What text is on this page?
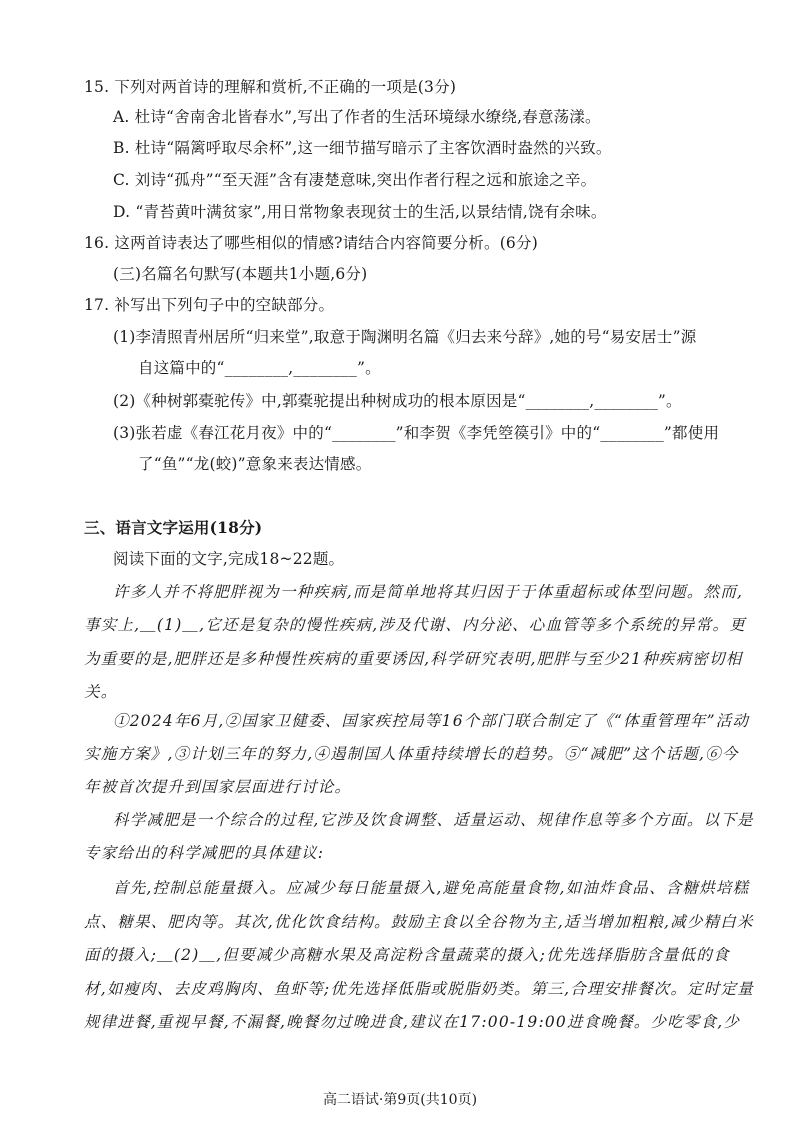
15. 下列对两首诗的理解和赏析,不正确的一项是(3分)
A. 杜诗“舍南舍北皆春水”,写出了作者的生活环境绿水缭绕,春意荡漾。
B. 杜诗“隔篱呼取尽余杯”,这一细节描写暗示了主客饮酒时盎然的兴致。
C. 刘诗“孤舟”“至天涯”含有凄楚意味,突出作者行程之远和旅途之辛。
D. “青苔黄叶满贫家”,用日常物象表现贫士的生活,以景结情,饶有余味。
16. 这两首诗表达了哪些相似的情感?请结合内容简要分析。(6分)
(三)名篇名句默写(本题共1小题,6分)
17. 补写出下列句子中的空缺部分。
(1)李清照青州居所“归来堂”,取意于陶渊明名篇《归去来兮辞》,她的号“易安居士”源
自这篇中的“________,________”。
(2)《种树郭橐驼传》中,郭橐驼提出种树成功的根本原因是“________,________”。
(3)张若虚《春江花月夜》中的“________”和李贺《李凭箜篌引》中的“________”都使用
了“鱼”“龙(蛟)”意象来表达情感。
三、语言文字运用(18分)
阅读下面的文字,完成18~22题。
许多人并不将肥胖视为一种疾病,而是简单地将其归因于于体重超标或体型问题。然而,
事实上,＿(1)＿,它还是复杂的慢性疾病,涉及代谢、内分泌、心血管等多个系统的异常。更
为重要的是,肥胖还是多种慢性疾病的重要诱因,科学研究表明,肥胖与至少21种疾病密切相
关。
①2024年6月,②国家卫健委、国家疾控局等16个部门联合制定了《“体重管理年”活动
实施方案》,③计划三年的努力,④遏制国人体重持续增长的趋势。⑤“减肥”这个话题,⑥今
年被首次提升到国家层面进行讨论。
科学减肥是一个综合的过程,它涉及饮食调整、适量运动、规律作息等多个方面。以下是
专家给出的科学减肥的具体建议:
首先,控制总能量摄入。应减少每日能量摄入,避免高能量食物,如油炸食品、含糖烘培糕
点、糖果、肥肉等。其次,优化饮食结构。鼓励主食以全谷物为主,适当增加粗粮,减少精白米
面的摄入;＿(2)＿,但要减少高糖水果及高淀粉含量蔬菜的摄入;优先选择脂肪含量低的食
材,如瘦肉、去皮鸡胸肉、鱼虾等;优先选择低脂或脱脂奶类。第三,合理安排餐次。定时定量
规律进餐,重视早餐,不漏餐,晚餐勿过晚进食,建议在17:00-19:00进食晚餐。少吃零食,少
高二语试·第9页(共10页)
